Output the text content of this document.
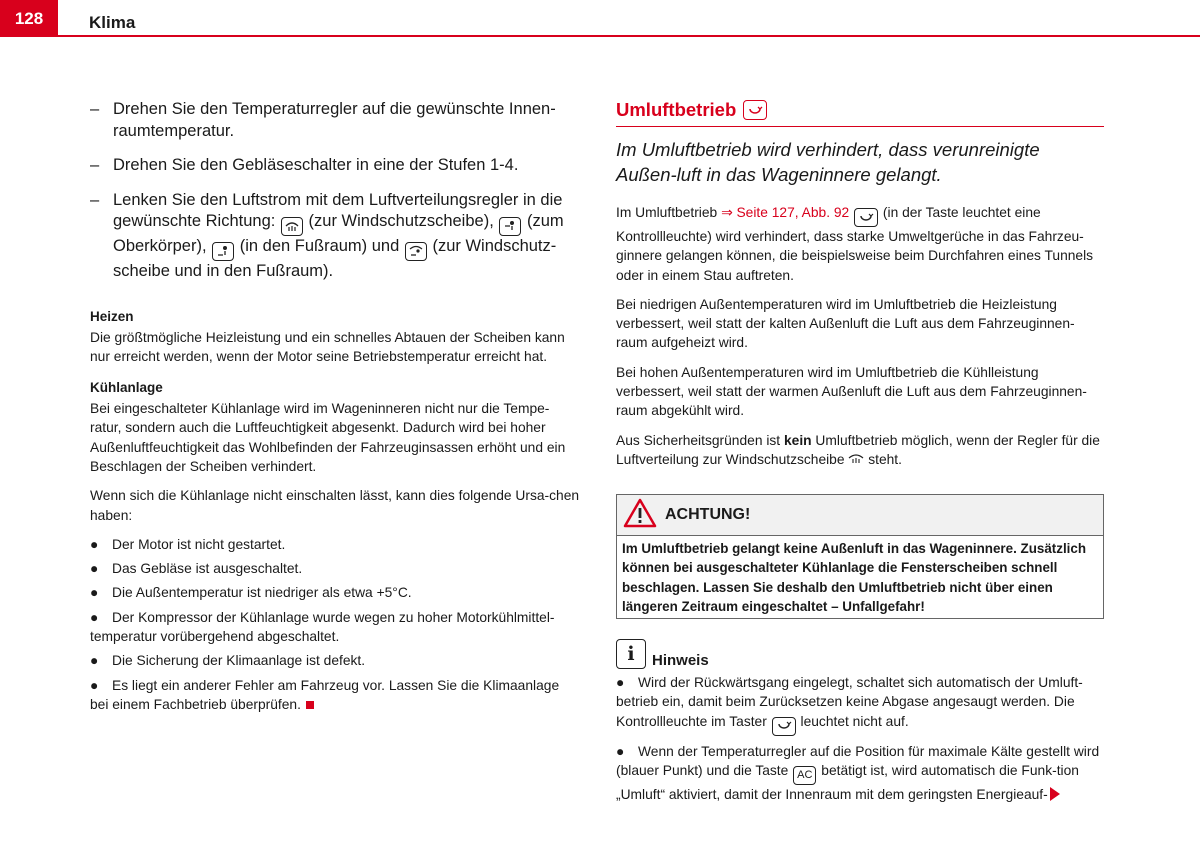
128	Klima
– Drehen Sie den Temperaturregler auf die gewünschte Innen-raumtemperatur.
– Drehen Sie den Gebläseschalter in eine der Stufen 1-4.
– Lenken Sie den Luftstrom mit dem Luftverteilungsregler in die gewünschte Richtung: (zur Windschutzscheibe), (zum Oberkörper), (in den Fußraum) und (zur Windschutz-scheibe und in den Fußraum).
Heizen

Die größtmögliche Heizleistung und ein schnelles Abtauen der Scheiben kann nur erreicht werden, wenn der Motor seine Betriebstemperatur erreicht hat.

Kühlanlage

Bei eingeschalteter Kühlanlage wird im Wageninneren nicht nur die Tempe-ratur, sondern auch die Luftfeuchtigkeit abgesenkt. Dadurch wird bei hoher Außenluftfeuchtigkeit das Wohlbefinden der Fahrzeuginsassen erhöht und ein Beschlagen der Scheiben verhindert.

Wenn sich die Kühlanlage nicht einschalten lässt, kann dies folgende Ursa-chen haben:

● Der Motor ist nicht gestartet.
● Das Gebläse ist ausgeschaltet.
● Die Außentemperatur ist niedriger als etwa +5°C.
● Der Kompressor der Kühlanlage wurde wegen zu hoher Motorkühlmittel-temperatur vorübergehend abgeschaltet.
● Die Sicherung der Klimaanlage ist defekt.
● Es liegt ein anderer Fehler am Fahrzeug vor. Lassen Sie die Klimaanlage bei einem Fachbetrieb überprüfen.
Umluftbetrieb
Im Umluftbetrieb wird verhindert, dass verunreinigte Außen-luft in das Wageninnere gelangt.

Im Umluftbetrieb ⇒ Seite 127, Abb. 92 (in der Taste leuchtet eine Kontrollleuchte) wird verhindert, dass starke Umweltgerüche in das Fahrzeu-ginnere gelangen können, die beispielsweise beim Durchfahren eines Tunnels oder in einem Stau auftreten.

Bei niedrigen Außentemperaturen wird im Umluftbetrieb die Heizleistung verbessert, weil statt der kalten Außenluft die Luft aus dem Fahrzeuginnen-raum aufgeheizt wird.

Bei hohen Außentemperaturen wird im Umluftbetrieb die Kühlleistung verbessert, weil statt der warmen Außenluft die Luft aus dem Fahrzeuginnen-raum abgekühlt wird.

Aus Sicherheitsgründen ist kein Umluftbetrieb möglich, wenn der Regler für die Luftverteilung zur Windschutzscheibe steht.

ACHTUNG!
Im Umluftbetrieb gelangt keine Außenluft in das Wageninnere. Zusätzlich können bei ausgeschalteter Kühlanlage die Fensterscheiben schnell beschlagen. Lassen Sie deshalb den Umluftbetrieb nicht über einen längeren Zeitraum eingeschaltet – Unfallgefahr!
i	Hinweis

● Wird der Rückwärtsgang eingelegt, schaltet sich automatisch der Umluft-betrieb ein, damit beim Zurücksetzen keine Abgase angesaugt werden. Die Kontrollleuchte im Taster leuchtet nicht auf.

● Wenn der Temperaturregler auf die Position für maximale Kälte gestellt wird (blauer Punkt) und die Taste AC betätigt ist, wird automatisch die Funk-tion „Umluft“ aktiviert, damit der Innenraum mit dem geringsten Energieauf-
